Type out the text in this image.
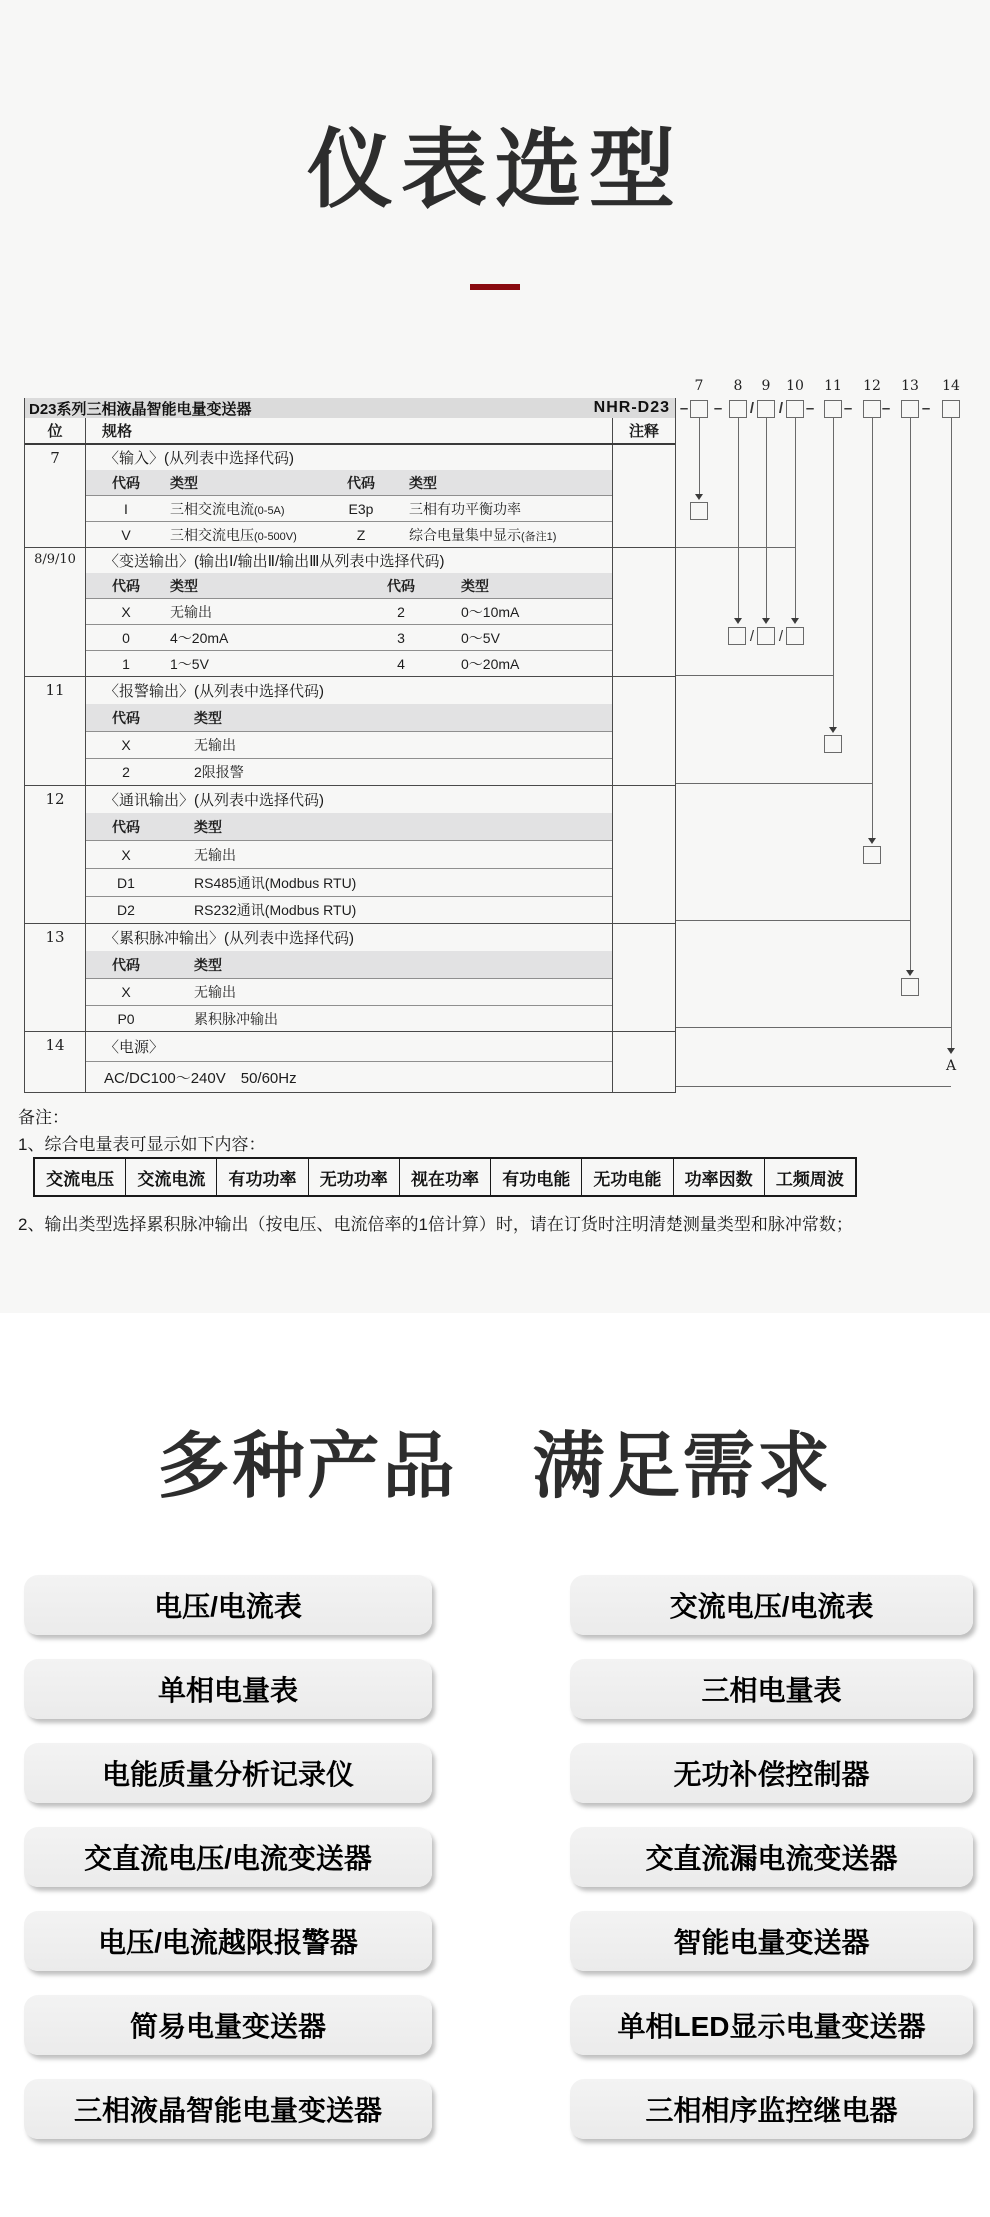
仪表选型
D23系列三相液晶智能电量变送器	NHR-D23
位	规格	注释
7	〈输入〉(从列表中选择代码)
代码	类型	代码	类型
I	三相交流电流(0-5A)	E3p	三相有功平衡功率
V	三相交流电压(0-500V)	Z	综合电量集中显示(备注1)
8/9/10	〈变送输出〉(输出Ⅰ/输出Ⅱ/输出Ⅲ从列表中选择代码)
代码	类型	代码	类型
X	无输出	2	0～10mA
0	4～20mA	3	0～5V
1	1～5V	4	0～20mA
11	〈报警输出〉(从列表中选择代码)
代码	类型
X	无输出
2	2限报警
12	〈通讯输出〉(从列表中选择代码)
代码	类型
X	无输出
D1	RS485通讯(Modbus RTU)
D2	RS232通讯(Modbus RTU)
13	〈累积脉冲输出〉(从列表中选择代码)
代码	类型
X	无输出
P0	累积脉冲输出
14	〈电源〉
AC/DC100～240V　50/60Hz
7 8 9 10 11 12 13 14
– – / / – – – –
/ /
A
备注：
1、综合电量表可显示如下内容：
交流电压	交流电流	有功功率	无功功率	视在功率	有功电能	无功电能	功率因数	工频周波
2、输出类型选择累积脉冲输出（按电压、电流倍率的1倍计算）时，请在订货时注明清楚测量类型和脉冲常数；
多种产品　满足需求
电压/电流表	交流电压/电流表
单相电量表	三相电量表
电能质量分析记录仪	无功补偿控制器
交直流电压/电流变送器	交直流漏电流变送器
电压/电流越限报警器	智能电量变送器
简易电量变送器	单相LED显示电量变送器
三相液晶智能电量变送器	三相相序监控继电器
